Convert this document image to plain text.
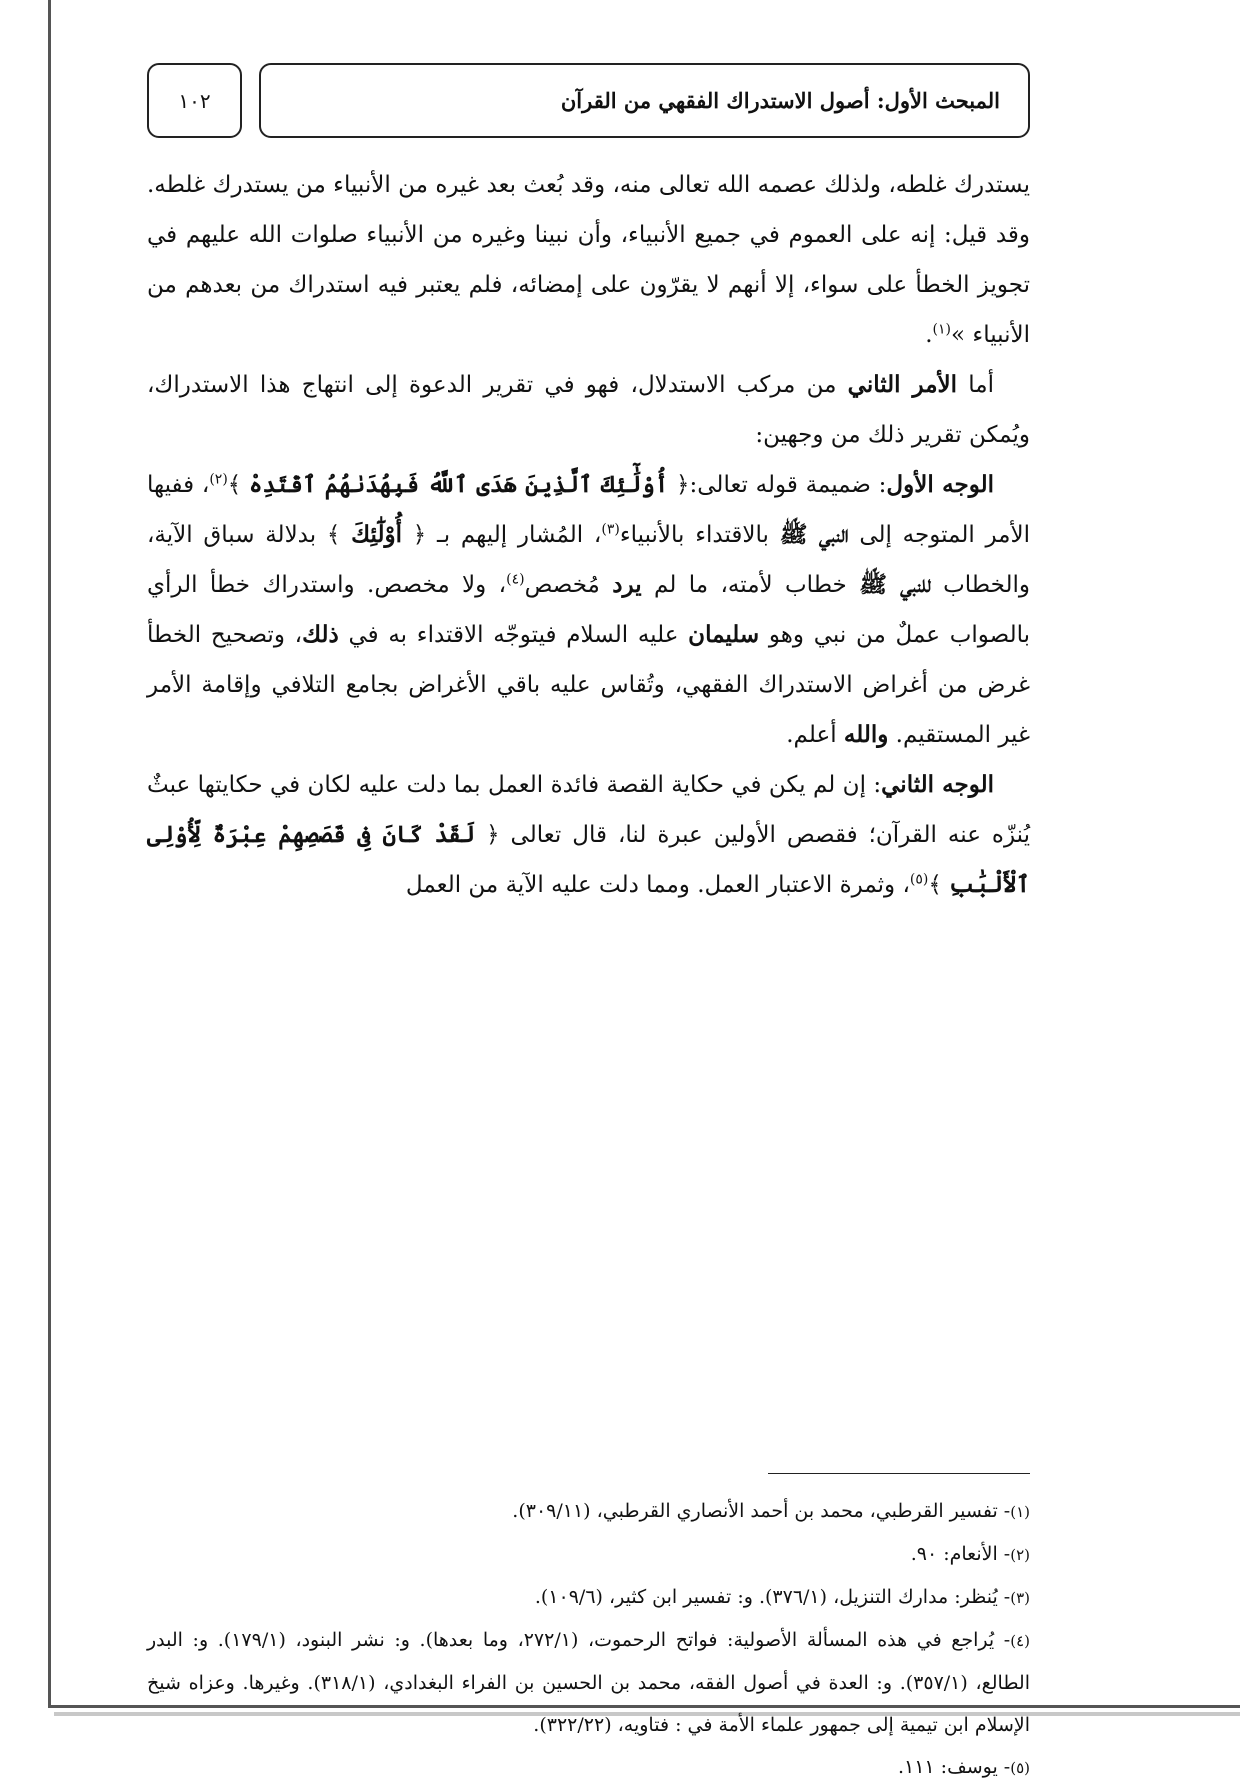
١٠٢	المبحث الأول: أصول الاستدراك الفقهي من القرآن

يستدرك غلطه، ولذلك عصمه الله تعالى منه، وقد بُعث بعد غيره من الأنبياء من يستدرك غلطه. وقد قيل: إنه على العموم في جميع الأنبياء، وأن نبينا وغيره من الأنبياء صلوات الله عليهم في تجويز الخطأ على سواء، إلا أنهم لا يقرّون على إمضائه، فلم يعتبر فيه استدراك من بعدهم من الأنبياء »$^{(١)}$.

أما الأمر الثاني من مركب الاستدلال، فهو في تقرير الدعوة إلى انتهاج هذا الاستدراك، ويُمكن تقرير ذلك من وجهين:

الوجه الأول: ضميمة قوله تعالى:﴿ أُوْلَٰٓئِكَ ٱلَّذِينَ هَدَى ٱللَّهُ فَبِهُدَىٰهُمُ ٱقْتَدِهْ ﴾$^{(٢)}$، ففيها الأمر المتوجه إلى النبي ﷺ بالاقتداء بالأنبياء$^{(٣)}$، المُشار إليهم بـ ﴿ أُوْلَٰٓئِكَ ﴾ بدلالة سباق الآية، والخطاب للنبي ﷺ خطاب لأمته، ما لم يرد مُخصص$^{(٤)}$، ولا مخصص. واستدراك خطأ الرأي بالصواب عملٌ من نبي وهو سليمان عليه السلام فيتوجّه الاقتداء به في ذلك، وتصحيح الخطأ غرض من أغراض الاستدراك الفقهي، وتُقاس عليه باقي الأغراض بجامع التلافي وإقامة الأمر غير المستقيم. والله أعلم.

الوجه الثاني: إن لم يكن في حكاية القصة فائدة العمل بما دلت عليه لكان في حكايتها عبثٌ يُنزّه عنه القرآن؛ فقصص الأولين عبرة لنا، قال تعالى ﴿ لَقَدْ كَانَ فِى قَصَصِهِمْ عِبْرَةٌ لِّأُوْلِى ٱلْأَلْبَٰبِ ﴾$^{(٥)}$، وثمرة الاعتبار العمل. ومما دلت عليه الآية من العمل

(١)- تفسير القرطبي، محمد بن أحمد الأنصاري القرطبي، (٣٠٩/١١).

(٢)- الأنعام: ٩٠.

(٣)- يُنظر: مدارك التنزيل، (٣٧٦/١). و: تفسير ابن كثير، (١٠٩/٦).

(٤)- يُراجع في هذه المسألة الأصولية: فواتح الرحموت، (٢٧٢/١، وما بعدها). و: نشر البنود، (١٧٩/١). و: البدر الطالع، (٣٥٧/١). و: العدة في أصول الفقه، محمد بن الحسين بن الفراء البغدادي، (٣١٨/١). وغيرها. وعزاه شيخ الإسلام ابن تيمية إلى جمهور علماء الأمة في : فتاويه، (٣٢٢/٢٢).

(٥)- يوسف: ١١١.
